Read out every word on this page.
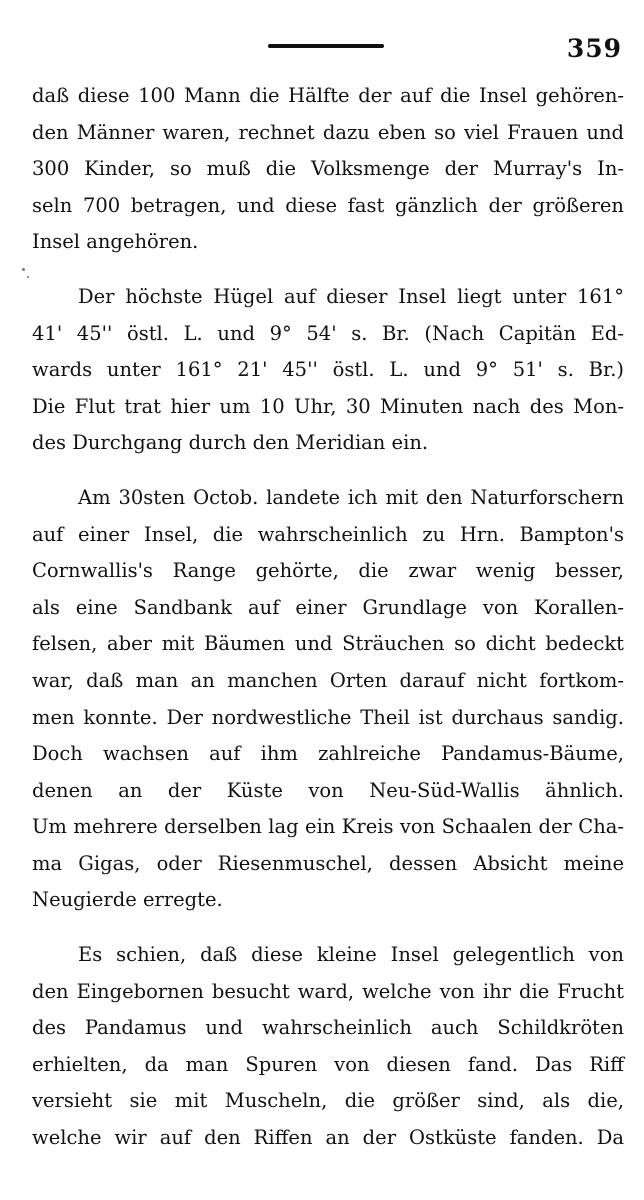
359
daß diese 100 Mann die Hälfte der auf die Insel gehören-
den Männer waren, rechnet dazu eben so viel Frauen und
300 Kinder, so muß die Volksmenge der Murray's In-
seln 700 betragen, und diese fast gänzlich der größeren
Insel angehören.
Der höchste Hügel auf dieser Insel liegt unter 161°
41' 45'' östl. L. und 9° 54' s. Br. (Nach Capitän Ed-
wards unter 161° 21' 45'' östl. L. und 9° 51' s. Br.)
Die Flut trat hier um 10 Uhr, 30 Minuten nach des Mon-
des Durchgang durch den Meridian ein.
Am 30sten Octob. landete ich mit den Naturforschern
auf einer Insel, die wahrscheinlich zu Hrn. Bampton's
Cornwallis's Range gehörte, die zwar wenig besser,
als eine Sandbank auf einer Grundlage von Korallen-
felsen, aber mit Bäumen und Sträuchen so dicht bedeckt
war, daß man an manchen Orten darauf nicht fortkom-
men konnte. Der nordwestliche Theil ist durchaus sandig.
Doch wachsen auf ihm zahlreiche Pandamus-Bäume,
denen an der Küste von Neu-Süd-Wallis ähnlich.
Um mehrere derselben lag ein Kreis von Schaalen der Cha-
ma Gigas, oder Riesenmuschel, dessen Absicht meine
Neugierde erregte.
Es schien, daß diese kleine Insel gelegentlich von
den Eingebornen besucht ward, welche von ihr die Frucht
des Pandamus und wahrscheinlich auch Schildkröten
erhielten, da man Spuren von diesen fand. Das Riff
versieht sie mit Muscheln, die größer sind, als die,
welche wir auf den Riffen an der Ostküste fanden. Da
